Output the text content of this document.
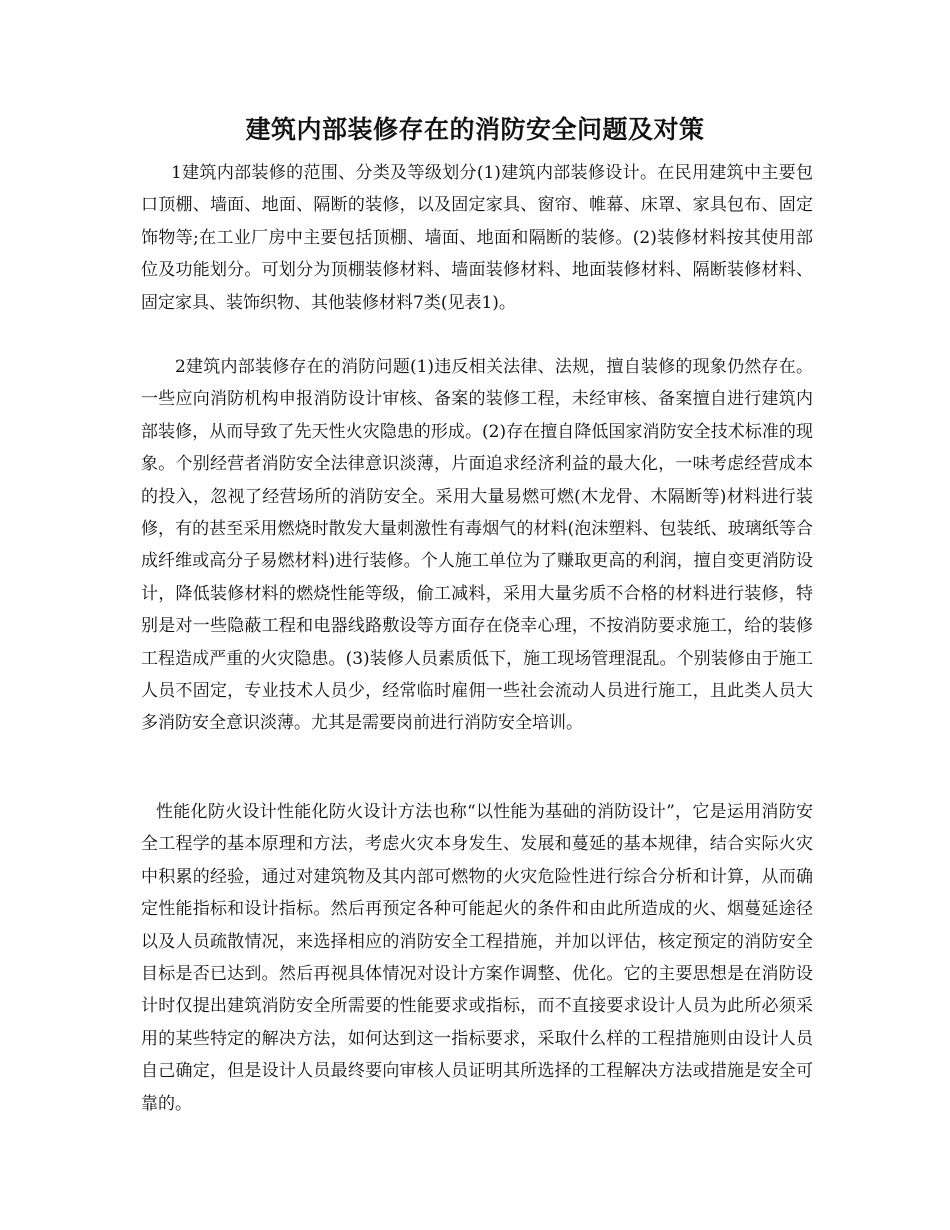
建筑内部装修存在的消防安全问题及对策

1建筑内部装修的范围、分类及等级划分(1)建筑内部装修设计。在民用建筑中主要包口顶棚、墙面、地面、隔断的装修，以及固定家具、窗帘、帷幕、床罩、家具包布、固定饰物等;在工业厂房中主要包括顶棚、墙面、地面和隔断的装修。(2)装修材料按其使用部位及功能划分。可划分为顶棚装修材料、墙面装修材料、地面装修材料、隔断装修材料、固定家具、装饰织物、其他装修材料7类(见表1)。

2建筑内部装修存在的消防问题(1)违反相关法律、法规，擅自装修的现象仍然存在。一些应向消防机构申报消防设计审核、备案的装修工程，未经审核、备案擅自进行建筑内部装修，从而导致了先天性火灾隐患的形成。(2)存在擅自降低国家消防安全技术标准的现象。个别经营者消防安全法律意识淡薄，片面追求经济利益的最大化，一味考虑经营成本的投入，忽视了经营场所的消防安全。采用大量易燃可燃(木龙骨、木隔断等)材料进行装修，有的甚至采用燃烧时散发大量刺激性有毒烟气的材料(泡沫塑料、包装纸、玻璃纸等合成纤维或高分子易燃材料)进行装修。个人施工单位为了赚取更高的利润，擅自变更消防设计，降低装修材料的燃烧性能等级，偷工减料，采用大量劣质不合格的材料进行装修，特别是对一些隐蔽工程和电器线路敷设等方面存在侥幸心理，不按消防要求施工，给的装修工程造成严重的火灾隐患。(3)装修人员素质低下，施工现场管理混乱。个别装修由于施工人员不固定，专业技术人员少，经常临时雇佣一些社会流动人员进行施工，且此类人员大多消防安全意识淡薄。尤其是需要岗前进行消防安全培训。

性能化防火设计性能化防火设计方法也称“以性能为基础的消防设计”，它是运用消防安全工程学的基本原理和方法，考虑火灾本身发生、发展和蔓延的基本规律，结合实际火灾中积累的经验，通过对建筑物及其内部可燃物的火灾危险性进行综合分析和计算，从而确定性能指标和设计指标。然后再预定各种可能起火的条件和由此所造成的火、烟蔓延途径以及人员疏散情况，来选择相应的消防安全工程措施，并加以评估，核定预定的消防安全目标是否已达到。然后再视具体情况对设计方案作调整、优化。它的主要思想是在消防设计时仅提出建筑消防安全所需要的性能要求或指标，而不直接要求设计人员为此所必须采用的某些特定的解决方法，如何达到这一指标要求，采取什么样的工程措施则由设计人员自己确定，但是设计人员最终要向审核人员证明其所选择的工程解决方法或措施是安全可靠的。
